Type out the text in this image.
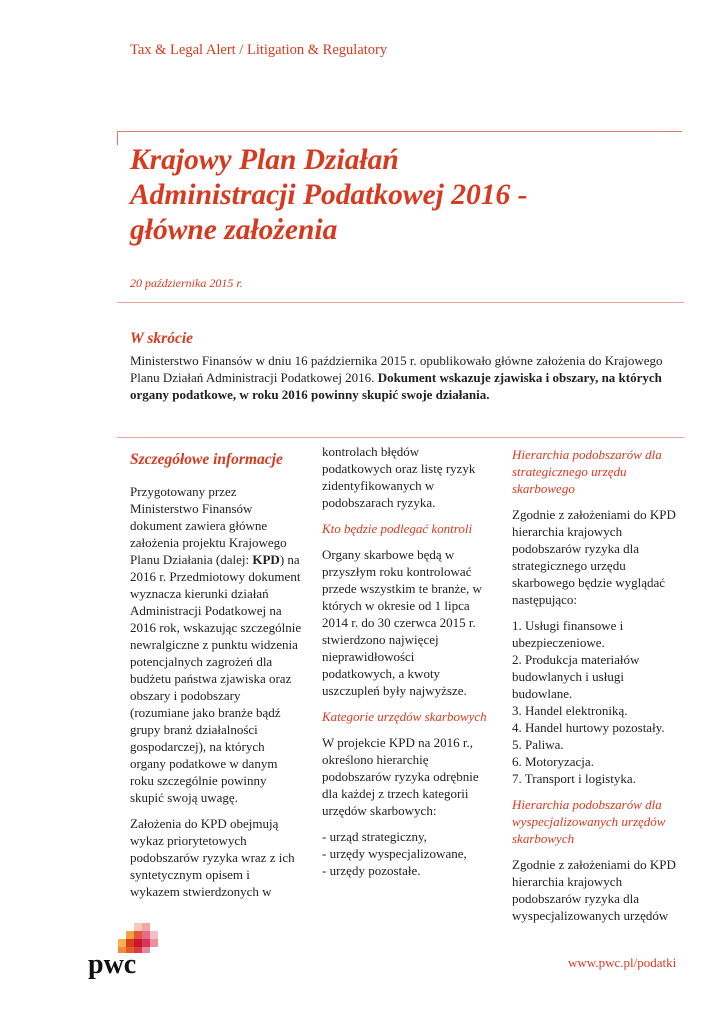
Tax & Legal Alert / Litigation & Regulatory
Krajowy Plan Działań
Administracji Podatkowej 2016 -
główne założenia
20 października 2015 r.
W skrócie

Ministerstwo Finansów w dniu 16 października 2015 r. opublikowało główne założenia do Krajowego Planu Działań Administracji Podatkowej 2016. Dokument wskazuje zjawiska i obszary, na których organy podatkowe, w roku 2016 powinny skupić swoje działania.

Szczegółowe informacje

Przygotowany przez Ministerstwo Finansów dokument zawiera główne założenia projektu Krajowego Planu Działania (dalej: KPD) na 2016 r. Przedmiotowy dokument wyznacza kierunki działań Administracji Podatkowej na 2016 rok, wskazując szczególnie newralgiczne z punktu widzenia potencjalnych zagrożeń dla budżetu państwa zjawiska oraz obszary i podobszary (rozumiane jako branże bądź grupy branż działalności gospodarczej), na których organy podatkowe w danym roku szczególnie powinny skupić swoją uwagę.

Założenia do KPD obejmują wykaz priorytetowych podobszarów ryzyka wraz z ich syntetycznym opisem i wykazem stwierdzonych w

kontrolach błędów podatkowych oraz listę ryzyk zidentyfikowanych w podobszarach ryzyka.

Kto będzie podlegać kontroli

Organy skarbowe będą w przyszłym roku kontrolować przede wszystkim te branże, w których w okresie od 1 lipca 2014 r. do 30 czerwca 2015 r. stwierdzono najwięcej nieprawidłowości podatkowych, a kwoty uszczupleń były najwyższe.

Kategorie urzędów skarbowych

W projekcie KPD na 2016 r., określono hierarchię podobszarów ryzyka odrębnie dla każdej z trzech kategorii urzędów skarbowych:

- urząd strategiczny,
- urzędy wyspecjalizowane,
- urzędy pozostałe.

Hierarchia podobszarów dla strategicznego urzędu skarbowego

Zgodnie z założeniami do KPD hierarchia krajowych podobszarów ryzyka dla strategicznego urzędu skarbowego będzie wyglądać następująco:

1. Usługi finansowe i ubezpieczeniowe.
2. Produkcja materiałów budowlanych i usługi budowlane.
3. Handel elektroniką.
4. Handel hurtowy pozostały.
5. Paliwa.
6. Motoryzacja.
7. Transport i logistyka.

Hierarchia podobszarów dla wyspecjalizowanych urzędów skarbowych

Zgodnie z założeniami do KPD hierarchia krajowych podobszarów ryzyka dla wyspecjalizowanych urzędów

pwc	www.pwc.pl/podatki
